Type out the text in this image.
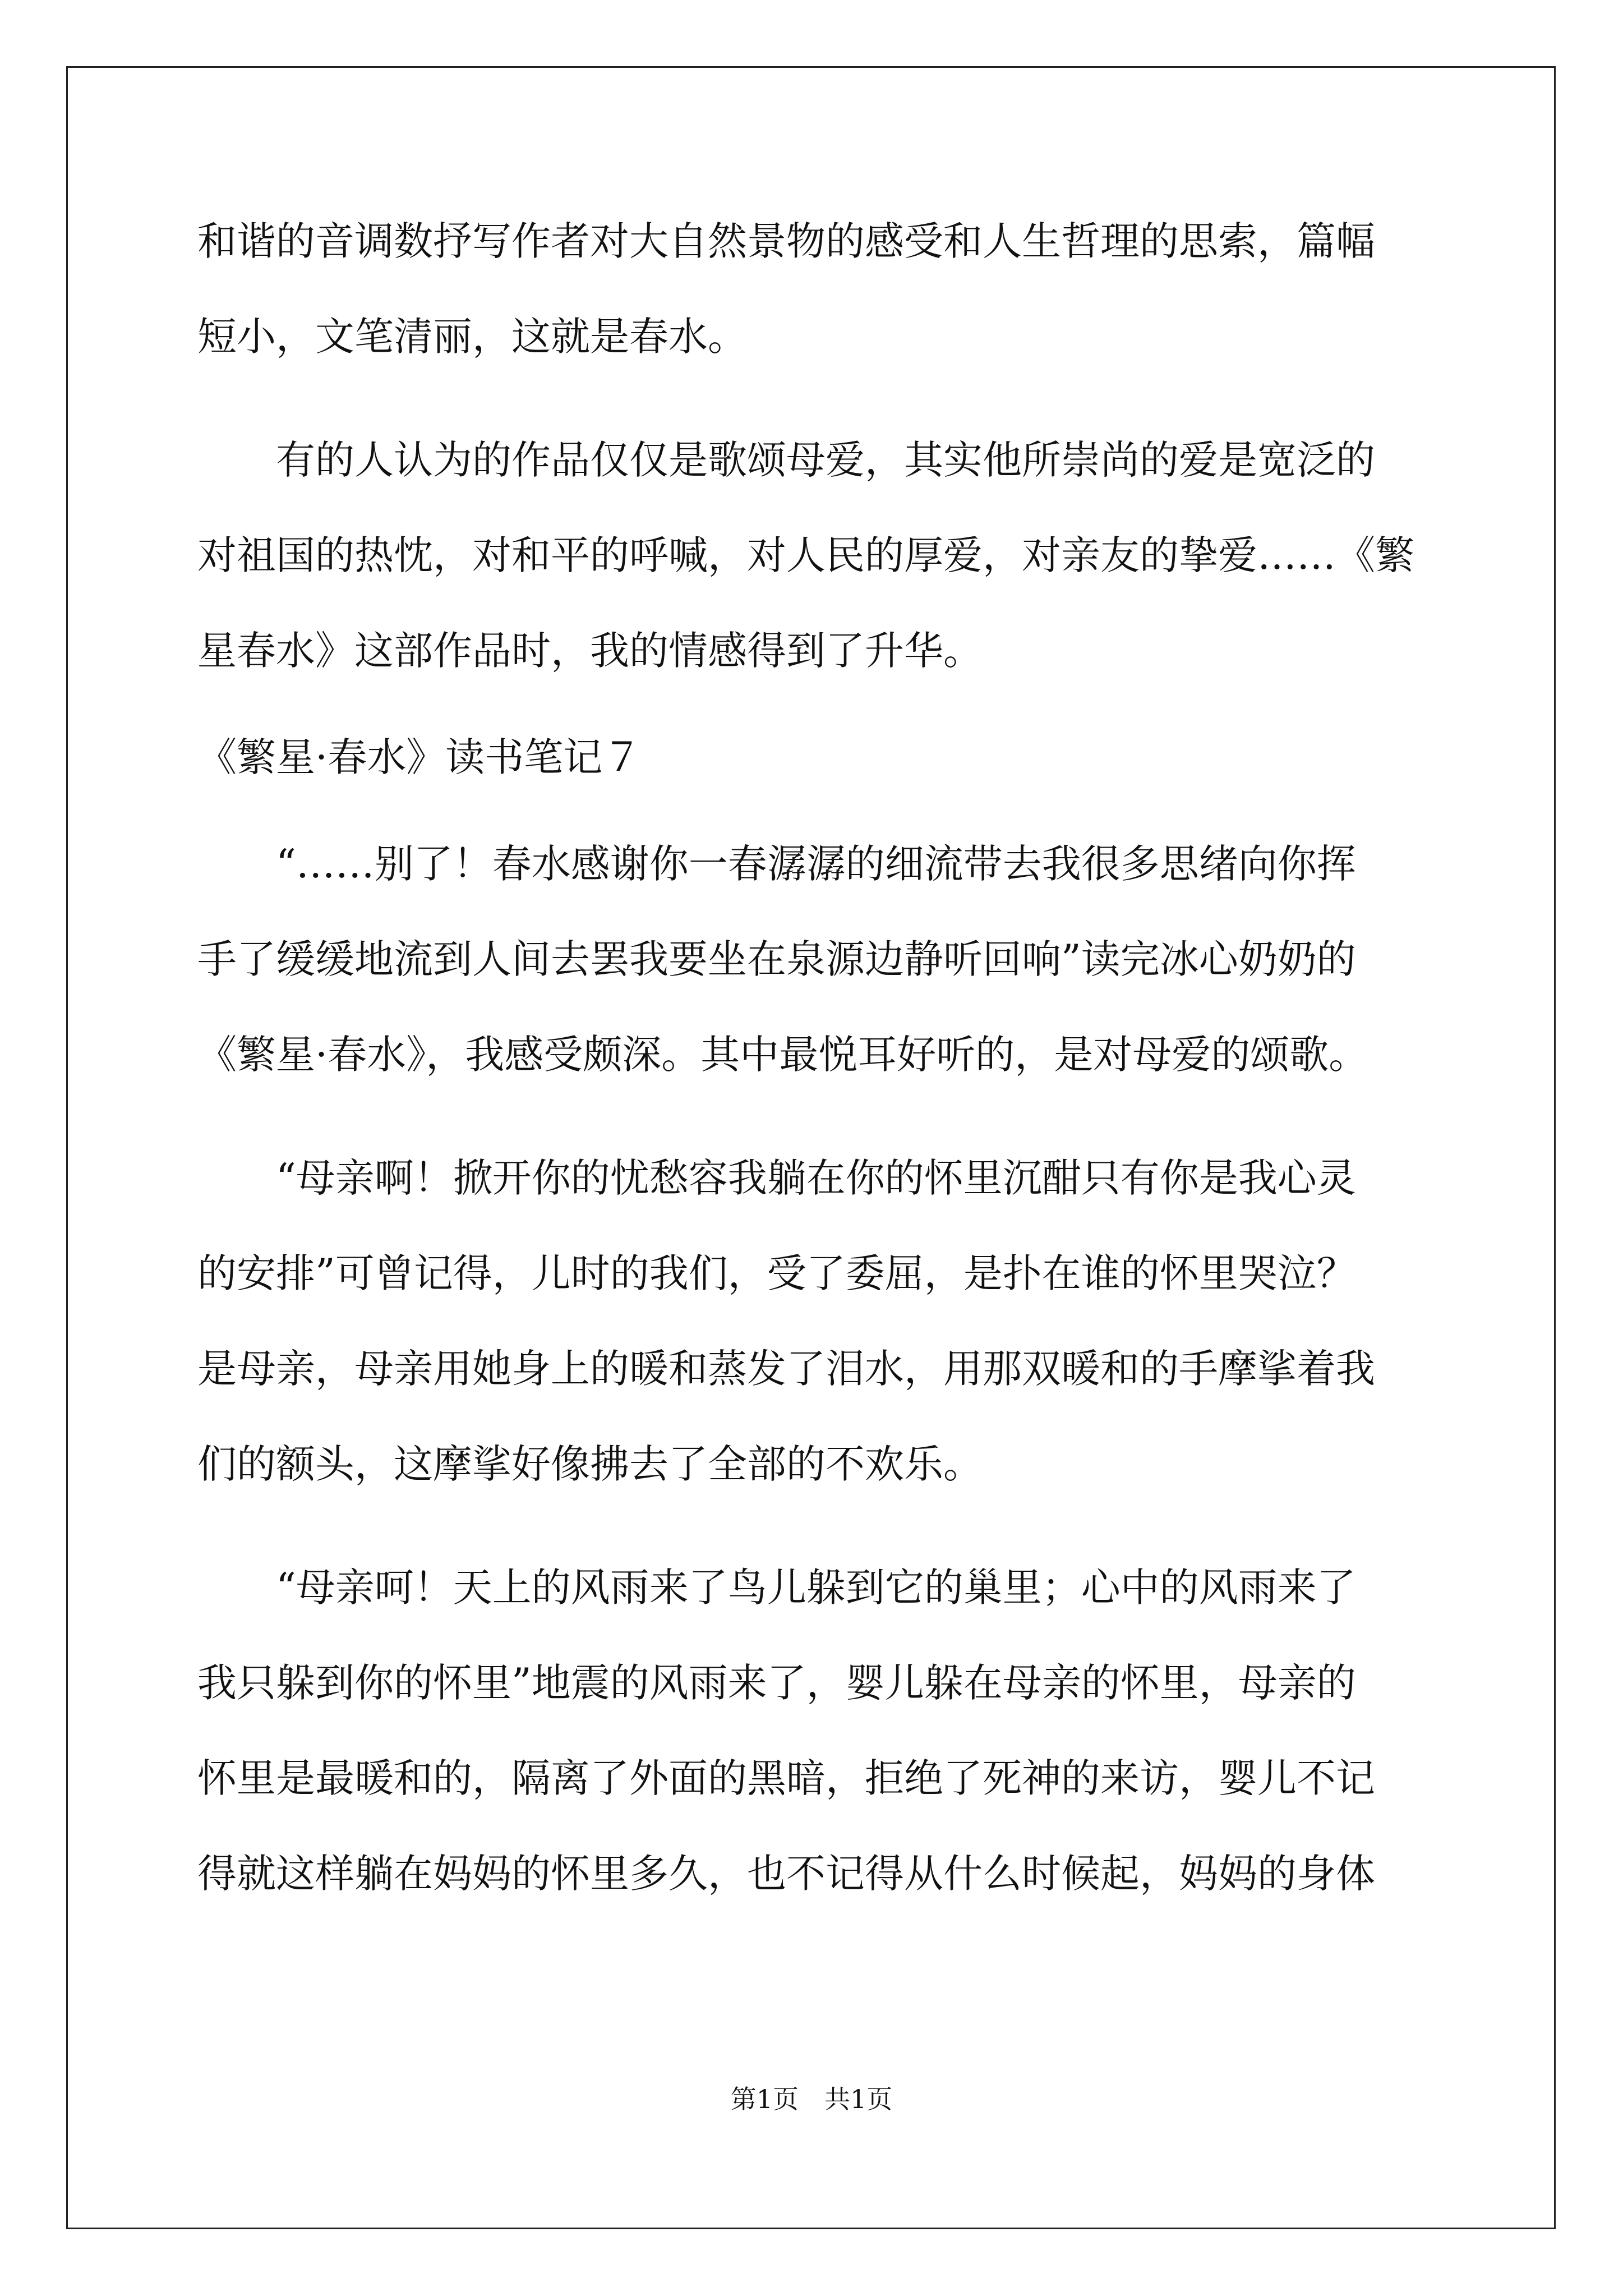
和谐的音调数抒写作者对大自然景物的感受和人生哲理的思索，篇幅
短小，文笔清丽，这就是春水。
有的人认为的作品仅仅是歌颂母爱，其实他所崇尚的爱是宽泛的
对祖国的热忱，对和平的呼喊，对人民的厚爱，对亲友的挚爱……《繁
星春水》这部作品时，我的情感得到了升华。
《繁星·春水》读书笔记７
“……别了！春水感谢你一春潺潺的细流带去我很多思绪向你挥
手了缓缓地流到人间去罢我要坐在泉源边静听回响”读完冰心奶奶的
《繁星·春水》，我感受颇深。其中最悦耳好听的，是对母爱的颂歌。
“母亲啊！掀开你的忧愁容我躺在你的怀里沉酣只有你是我心灵
的安排”可曾记得，儿时的我们，受了委屈，是扑在谁的怀里哭泣？
是母亲，母亲用她身上的暖和蒸发了泪水，用那双暖和的手摩挲着我
们的额头，这摩挲好像拂去了全部的不欢乐。
“母亲呵！天上的风雨来了鸟儿躲到它的巢里；心中的风雨来了
我只躲到你的怀里”地震的风雨来了，婴儿躲在母亲的怀里，母亲的
怀里是最暖和的，隔离了外面的黑暗，拒绝了死神的来访，婴儿不记
得就这样躺在妈妈的怀里多久，也不记得从什么时候起，妈妈的身体
第1页　共1页
